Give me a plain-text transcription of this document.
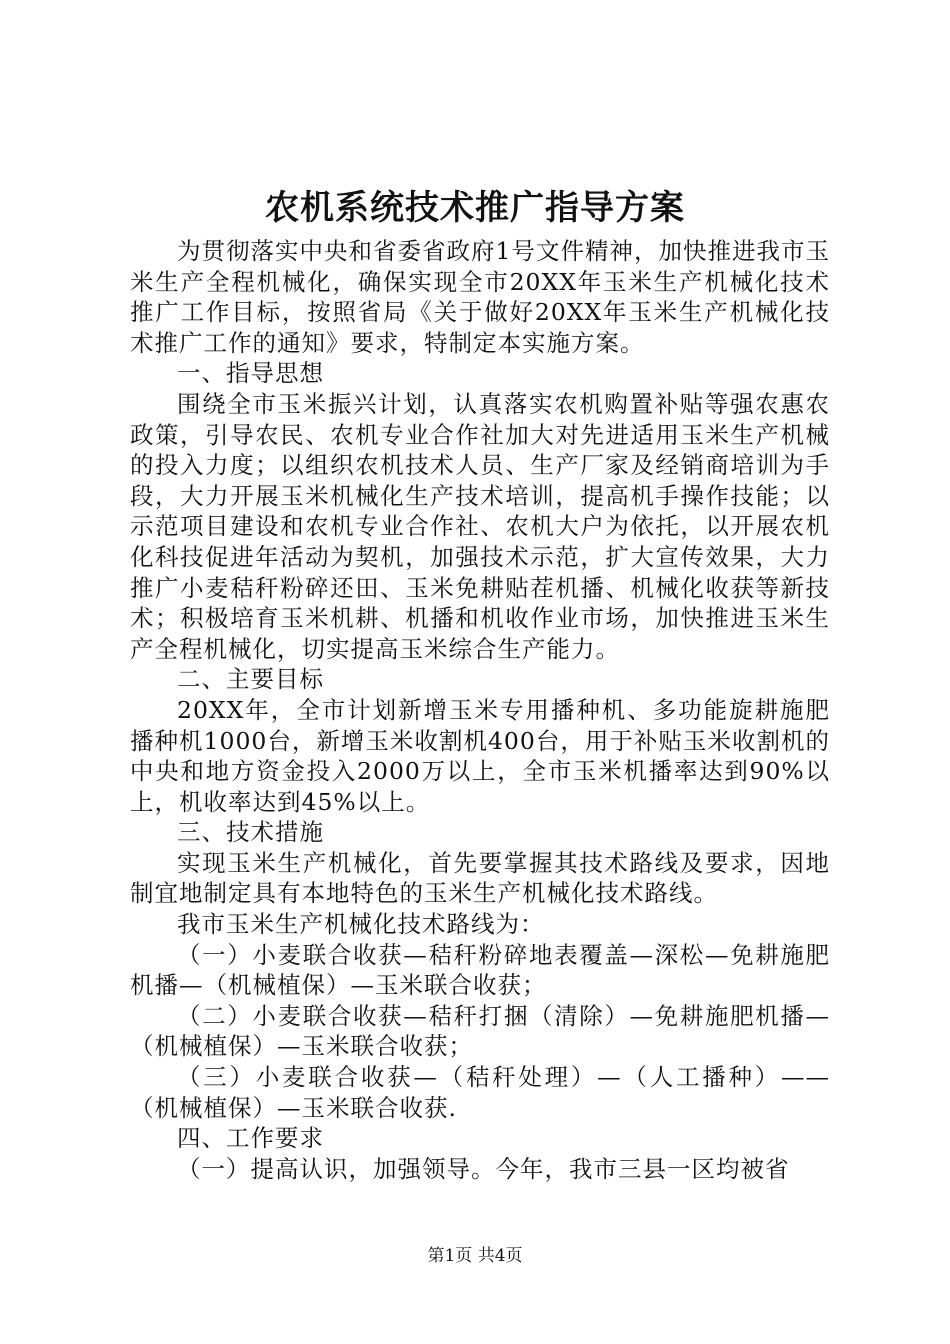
农机系统技术推广指导方案

为贯彻落实中央和省委省政府1号文件精神，加快推进我市玉米生产全程机械化，确保实现全市20XX年玉米生产机械化技术推广工作目标，按照省局《关于做好20XX年玉米生产机械化技术推广工作的通知》要求，特制定本实施方案。

一、指导思想

围绕全市玉米振兴计划，认真落实农机购置补贴等强农惠农政策，引导农民、农机专业合作社加大对先进适用玉米生产机械的投入力度；以组织农机技术人员、生产厂家及经销商培训为手段，大力开展玉米机械化生产技术培训，提高机手操作技能；以示范项目建设和农机专业合作社、农机大户为依托，以开展农机化科技促进年活动为契机，加强技术示范，扩大宣传效果，大力推广小麦秸秆粉碎还田、玉米免耕贴茬机播、机械化收获等新技术；积极培育玉米机耕、机播和机收作业市场，加快推进玉米生产全程机械化，切实提高玉米综合生产能力。

二、主要目标

20XX年，全市计划新增玉米专用播种机、多功能旋耕施肥播种机1000台，新增玉米收割机400台，用于补贴玉米收割机的中央和地方资金投入2000万以上，全市玉米机播率达到90%以上，机收率达到45%以上。

三、技术措施

实现玉米生产机械化，首先要掌握其技术路线及要求，因地制宜地制定具有本地特色的玉米生产机械化技术路线。

我市玉米生产机械化技术路线为：

（一）小麦联合收获—秸秆粉碎地表覆盖—深松—免耕施肥机播—（机械植保）—玉米联合收获；

（二）小麦联合收获—秸秆打捆（清除）—免耕施肥机播—（机械植保）—玉米联合收获；

（三）小麦联合收获—（秸秆处理）—（人工播种）——（机械植保）—玉米联合收获.

四、工作要求

（一）提高认识，加强领导。今年，我市三县一区均被省

第1页 共4页
